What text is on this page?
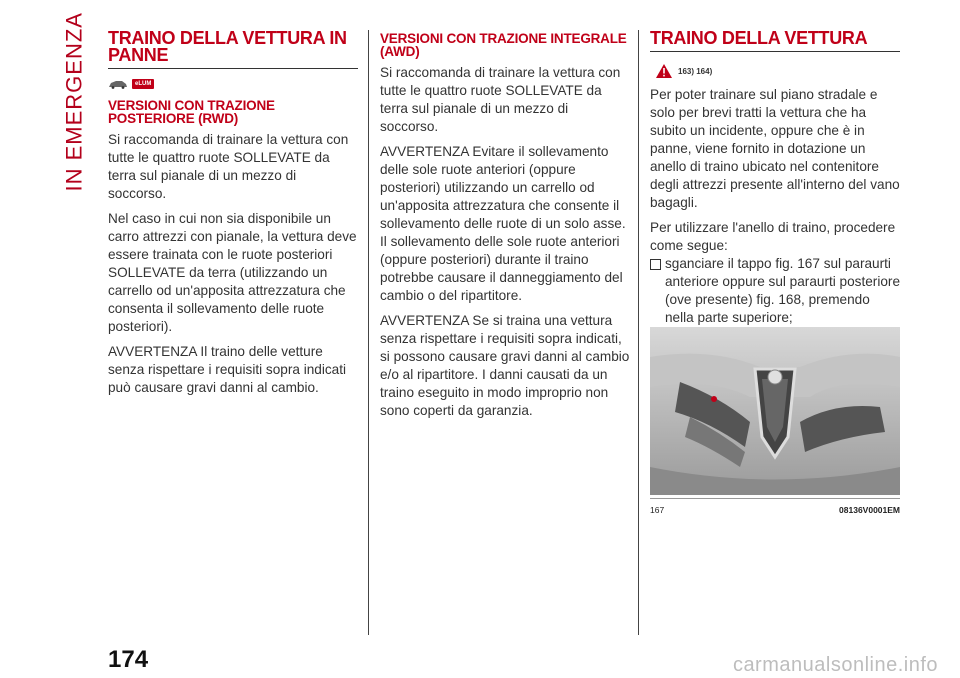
IN EMERGENZA TRAINO DELLA VETTURA IN PANNE
eLUM
VERSIONI CON TRAZIONE POSTERIORE (RWD)

Si raccomanda di trainare la vettura con tutte le quattro ruote SOLLEVATE da terra sul pianale di un mezzo di soccorso.

Nel caso in cui non sia disponibile un carro attrezzi con pianale, la vettura deve essere trainata con le ruote posteriori SOLLEVATE da terra (utilizzando un carrello od un'apposita attrezzatura che consenta il sollevamento delle ruote posteriori).

AVVERTENZA Il traino delle vetture senza rispettare i requisiti sopra indicati può causare gravi danni al cambio.

VERSIONI CON TRAZIONE INTEGRALE (AWD)

Si raccomanda di trainare la vettura con tutte le quattro ruote SOLLEVATE da terra sul pianale di un mezzo di soccorso.

AVVERTENZA Evitare il sollevamento delle sole ruote anteriori (oppure posteriori) utilizzando un carrello od un'apposita attrezzatura che consente il sollevamento delle ruote di un solo asse. Il sollevamento delle sole ruote anteriori (oppure posteriori) durante il traino potrebbe causare il danneggiamento del cambio o del ripartitore.

AVVERTENZA Se si traina una vettura senza rispettare i requisiti sopra indicati, si possono causare gravi danni al cambio e/o al ripartitore. I danni causati da un traino eseguito in modo improprio non sono coperti da garanzia.

TRAINO DELLA VETTURA
163) 164)

Per poter trainare sul piano stradale e solo per brevi tratti la vettura che ha subito un incidente, oppure che è in panne, viene fornito in dotazione un anello di traino ubicato nel contenitore degli attrezzi presente all'interno del vano bagagli.

Per utilizzare l'anello di traino, procedere come segue:

sganciare il tappo fig. 167 sul paraurti anteriore oppure sul paraurti posteriore (ove presente) fig. 168, premendo nella parte superiore;

167	08136V0001EM
174	carmanualsonline.info
